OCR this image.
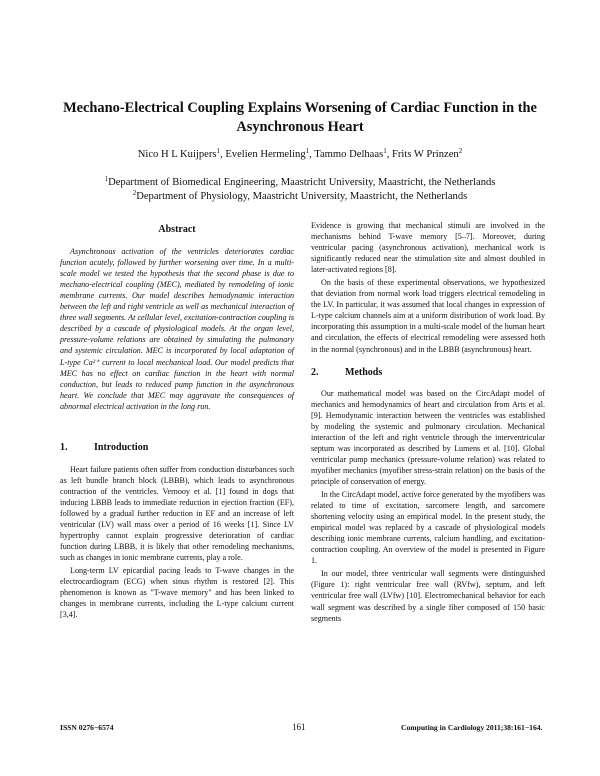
Mechano-Electrical Coupling Explains Worsening of Cardiac Function in the
Asynchronous Heart
Nico H L Kuijpers$^1$, Evelien Hermeling$^1$, Tammo Delhaas$^1$, Frits W Prinzen$^2$
$^1$Department of Biomedical Engineering, Maastricht University, Maastricht, the Netherlands
$^2$Department of Physiology, Maastricht University, Maastricht, the Netherlands
Abstract

Asynchronous activation of the ventricles deteriorates cardiac function acutely, followed by further worsening over time. In a multi-scale model we tested the hypothesis that the second phase is due to mechano-electrical coupling (MEC), mediated by remodeling of ionic membrane currents. Our model describes hemodynamic interaction between the left and right ventricle as well as mechanical interaction of three wall segments. At cellular level, excitation-contraction coupling is described by a cascade of physiological models. At the organ level, pressure-volume relations are obtained by simulating the pulmonary and systemic circulation. MEC is incorporated by local adaptation of L-type Ca²⁺ current to local mechanical load. Our model predicts that MEC has no effect on cardiac function in the heart with normal conduction, but leads to reduced pump function in the asynchronous heart. We conclude that MEC may aggravate the consequences of abnormal electrical activation in the long run.

1.	Introduction

Heart failure patients often suffer from conduction disturbances such as left bundle branch block (LBBB), which leads to asynchronous contraction of the ventricles. Vernooy et al. [1] found in dogs that inducing LBBB leads to immediate reduction in ejection fraction (EF), followed by a gradual further reduction in EF and an increase of left ventricular (LV) wall mass over a period of 16 weeks [1]. Since LV hypertrophy cannot explain progressive deterioration of cardiac function during LBBB, it is likely that other remodeling mechanisms, such as changes in ionic membrane currents, play a role.

Long-term LV epicardial pacing leads to T-wave changes in the electrocardiogram (ECG) when sinus rhythm is restored [2]. This phenomenon is known as "T-wave memory" and has been linked to changes in membrane currents, including the L-type calcium current [3,4].

Evidence is growing that mechanical stimuli are involved in the mechanisms behind T-wave memory [5–7]. Moreover, during ventricular pacing (asynchronous activation), mechanical work is significantly reduced near the stimulation site and almost doubled in later-activated regions [8].

On the basis of these experimental observations, we hypothesized that deviation from normal work load triggers electrical remodeling in the LV. In particular, it was assumed that local changes in expression of L-type calcium channels aim at a uniform distribution of work load. By incorporating this assumption in a multi-scale model of the human heart and circulation, the effects of electrical remodeling were assessed both in the normal (synchronous) and in the LBBB (asynchronous) heart.

2.	Methods

Our mathematical model was based on the CircAdapt model of mechanics and hemodynamics of heart and circulation from Arts et al. [9]. Hemodynamic interaction between the ventricles was established by modeling the systemic and pulmonary circulation. Mechanical interaction of the left and right ventricle through the interventricular septum was incorporated as described by Lumens et al. [10]. Global ventricular pump mechanics (pressure-volume relation) was related to myofiber mechanics (myofiber stress-strain relation) on the basis of the principle of conservation of energy.

In the CircAdapt model, active force generated by the myofibers was related to time of excitation, sarcomere length, and sarcomere shortening velocity using an empirical model. In the present study, the empirical model was replaced by a cascade of physiological models describing ionic membrane currents, calcium handling, and excitation-contraction coupling. An overview of the model is presented in Figure 1.

In our model, three ventricular wall segments were distinguished (Figure 1): right ventricular free wall (RVfw), septum, and left ventricular free wall (LVfw) [10]. Electromechanical behavior for each wall segment was described by a single fiber composed of 150 basic segments

ISSN 0276−6574	161	Computing in Cardiology 2011;38:161−164.
